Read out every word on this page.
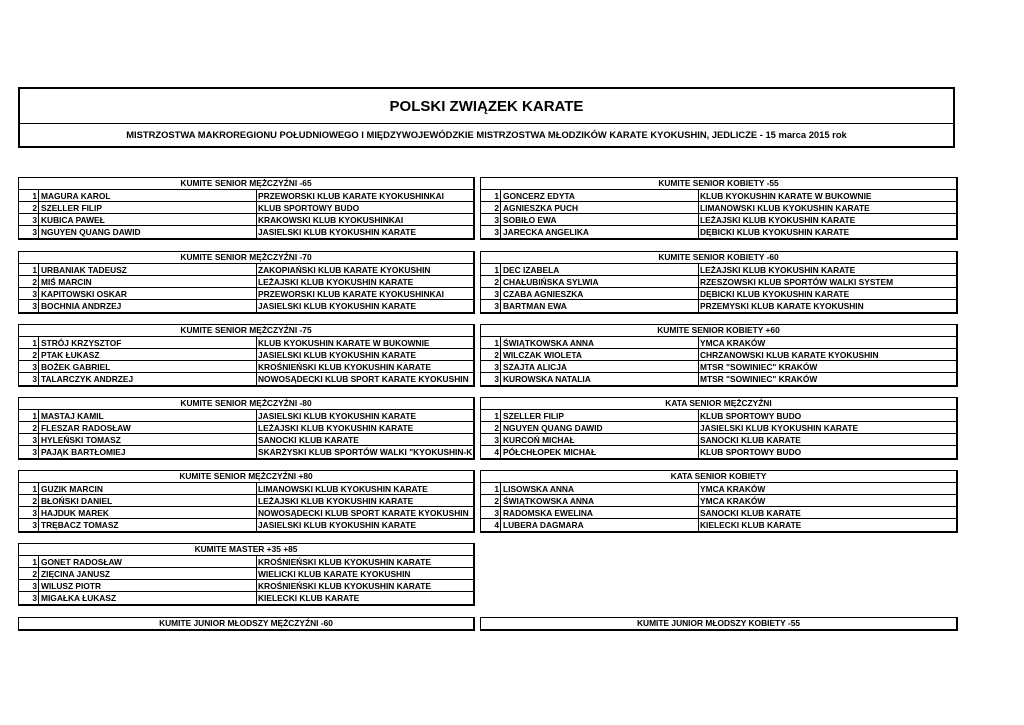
POLSKI ZWIĄZEK KARATE
MISTRZOSTWA MAKROREGIONU POŁUDNIOWEGO I MIĘDZYWOJEWÓDZKIE MISTRZOSTWA MŁODZIKÓW KARATE KYOKUSHIN, JEDLICZE - 15 marca 2015 rok
KUMITE SENIOR MĘŻCZYŹNI -65
1 MAGURA KAROL	PRZEWORSKI KLUB KARATE KYOKUSHINKAI
2 SZELLER FILIP	KLUB SPORTOWY BUDO
3 KUBICA PAWEŁ	KRAKOWSKI KLUB KYOKUSHINKAI
3 NGUYEN QUANG DAWID	JASIELSKI KLUB KYOKUSHIN KARATE
KUMITE SENIOR KOBIETY -55
1 GONCERZ EDYTA	KLUB KYOKUSHIN KARATE W BUKOWNIE
2 AGNIESZKA PUCH	LIMANOWSKI KLUB KYOKUSHIN KARATE
3 SOBIŁO EWA	LEŻAJSKI KLUB KYOKUSHIN KARATE
3 JARECKA ANGELIKA	DĘBICKI KLUB KYOKUSHIN KARATE
KUMITE SENIOR MĘŻCZYŹNI -70
1 URBANIAK TADEUSZ	ZAKOPIAŃSKI KLUB KARATE KYOKUSHIN
2 MIŚ MARCIN	LEŻAJSKI KLUB KYOKUSHIN KARATE
3 KAPITOWSKI OSKAR	PRZEWORSKI KLUB KARATE KYOKUSHINKAI
3 BOCHNIA ANDRZEJ	JASIELSKI KLUB KYOKUSHIN KARATE
KUMITE SENIOR KOBIETY -60
1 DEC IZABELA	LEŻAJSKI KLUB KYOKUSHIN KARATE
2 CHAŁUBIŃSKA SYLWIA	RZESZOWSKI KLUB SPORTÓW WALKI SYSTEM
3 CZABA AGNIESZKA	DĘBICKI KLUB KYOKUSHIN KARATE
3 BARTMAN EWA	PRZEMYSKI KLUB KARATE KYOKUSHIN
KUMITE SENIOR MĘŻCZYŹNI -75
1 STRÓJ KRZYSZTOF	KLUB KYOKUSHIN KARATE W BUKOWNIE
2 PTAK ŁUKASZ	JASIELSKI KLUB KYOKUSHIN KARATE
3 BOŻEK GABRIEL	KROŚNIEŃSKI KLUB KYOKUSHIN KARATE
3 TALARCZYK ANDRZEJ	NOWOSĄDECKI KLUB SPORT KARATE KYOKUSHIN
KUMITE SENIOR KOBIETY +60
1 ŚWIĄTKOWSKA ANNA	YMCA KRAKÓW
2 WILCZAK WIOLETA	CHRZANOWSKI KLUB KARATE KYOKUSHIN
3 SZAJTA ALICJA	MTSR "SOWINIEC" KRAKÓW
3 KUROWSKA NATALIA	MTSR "SOWINIEC" KRAKÓW
KUMITE SENIOR MĘŻCZYŹNI -80
1 MASTAJ KAMIL	JASIELSKI KLUB KYOKUSHIN KARATE
2 FLESZAR RADOSŁAW	LEŻAJSKI KLUB KYOKUSHIN KARATE
3 HYLEŃSKI TOMASZ	SANOCKI KLUB KARATE
3 PAJĄK BARTŁOMIEJ	SKARŻYSKI KLUB SPORTÓW WALKI "KYOKUSHIN-K
KATA SENIOR MĘŻCZYŹNI
1 SZELLER FILIP	KLUB SPORTOWY BUDO
2 NGUYEN QUANG DAWID	JASIELSKI KLUB KYOKUSHIN KARATE
3 KURCOŃ MICHAŁ	SANOCKI KLUB KARATE
4 PÓŁCHŁOPEK MICHAŁ	KLUB SPORTOWY BUDO
KUMITE SENIOR MĘŻCZYŹNI +80
1 GUZIK MARCIN	LIMANOWSKI KLUB KYOKUSHIN KARATE
2 BŁOŃSKI DANIEL	LEŻAJSKI KLUB KYOKUSHIN KARATE
3 HAJDUK MAREK	NOWOSĄDECKI KLUB SPORT KARATE KYOKUSHIN
3 TRĘBACZ TOMASZ	JASIELSKI KLUB KYOKUSHIN KARATE
KATA SENIOR KOBIETY
1 LISOWSKA ANNA	YMCA KRAKÓW
2 ŚWIĄTKOWSKA ANNA	YMCA KRAKÓW
3 RADOMSKA EWELINA	SANOCKI KLUB KARATE
4 LUBERA DAGMARA	KIELECKI KLUB KARATE
KUMITE MASTER +35 +85
1 GONET RADOSŁAW	KROŚNIEŃSKI KLUB KYOKUSHIN KARATE
2 ZIĘCINA JANUSZ	WIELICKI KLUB KARATE KYOKUSHIN
3 WILUSZ PIOTR	KROŚNIEŃSKI KLUB KYOKUSHIN KARATE
3 MIGAŁKA ŁUKASZ	KIELECKI KLUB KARATE
KUMITE JUNIOR MŁODSZY MĘŻCZYŹNI -60	KUMITE JUNIOR MŁODSZY KOBIETY -55
